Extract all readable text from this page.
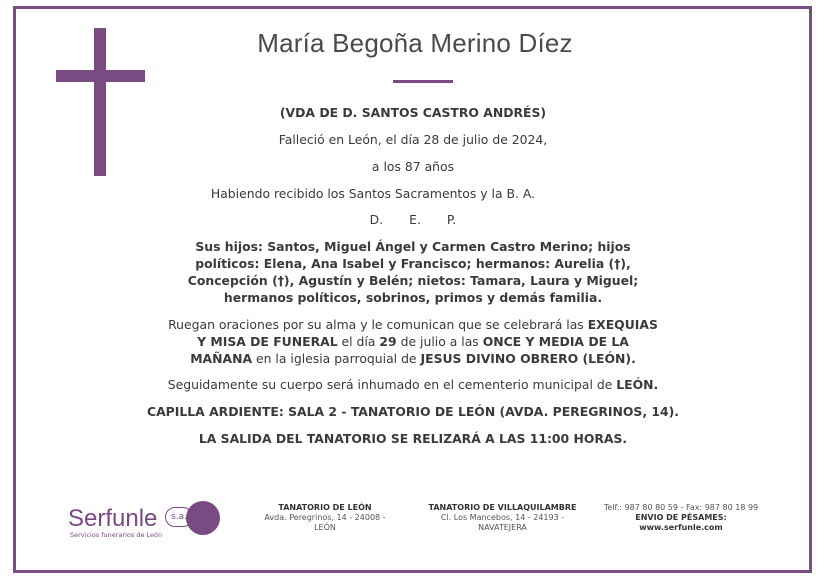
María Begoña Merino Díez
(VDA DE D. SANTOS CASTRO ANDRÉS)
Falleció en León, el día 28 de julio de 2024,
a los 87 años
Habiendo recibido los Santos Sacramentos y la B. A.
D. E. P.
Sus hijos: Santos, Miguel Ángel y Carmen Castro Merino; hijos políticos: Elena, Ana Isabel y Francisco; hermanos: Aurelia (†), Concepción (†), Agustín y Belén; nietos: Tamara, Laura y Miguel; hermanos políticos, sobrinos, primos y demás familia.
Ruegan oraciones por su alma y le comunican que se celebrará las EXEQUIAS Y MISA DE FUNERAL el día 29 de julio a las ONCE Y MEDIA DE LA MAÑANA en la iglesia parroquial de JESUS DIVINO OBRERO (LEÓN).
Seguidamente su cuerpo será inhumado en el cementerio municipal de LEÓN.
CAPILLA ARDIENTE: SALA 2 - TANATORIO DE LEÓN (AVDA. PEREGRINOS, 14).
LA SALIDA DEL TANATORIO SE RELIZARÁ A LAS 11:00 HORAS.
Serfunle	s.a.
Servicios funerarios de León
TANATORIO DE LEÓN
Avda. Peregrinos, 14 - 24008 -
LEÓN
TANATORIO DE VILLAQUILAMBRE
Cl. Los Mancebos, 14 - 24193 -
NAVATEJERA
Telf.: 987 80 80 59 - Fax: 987 80 18 99
ENVIO DE PÉSAMES:
www.serfunle.com
